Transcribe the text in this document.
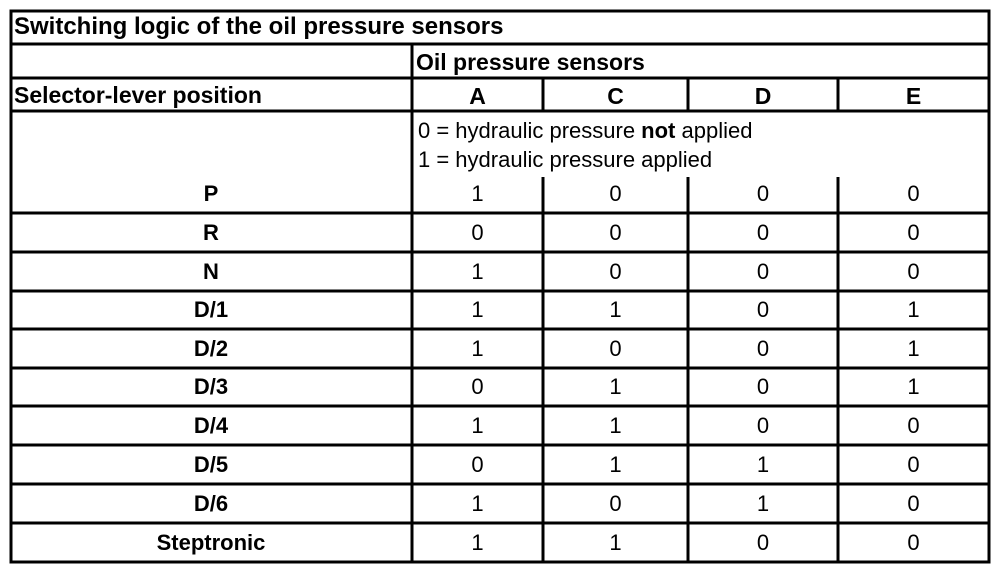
Switching logic of the oil pressure sensors
Oil pressure sensors
Selector-lever position	A	C	D	E
0 = hydraulic pressure not applied
1 = hydraulic pressure applied
P	1	0	0	0
R	0	0	0	0
N	1	0	0	0
D/1	1	1	0	1
D/2	1	0	0	1
D/3	0	1	0	1
D/4	1	1	0	0
D/5	0	1	1	0
D/6	1	0	1	0
Steptronic	1	1	0	0
